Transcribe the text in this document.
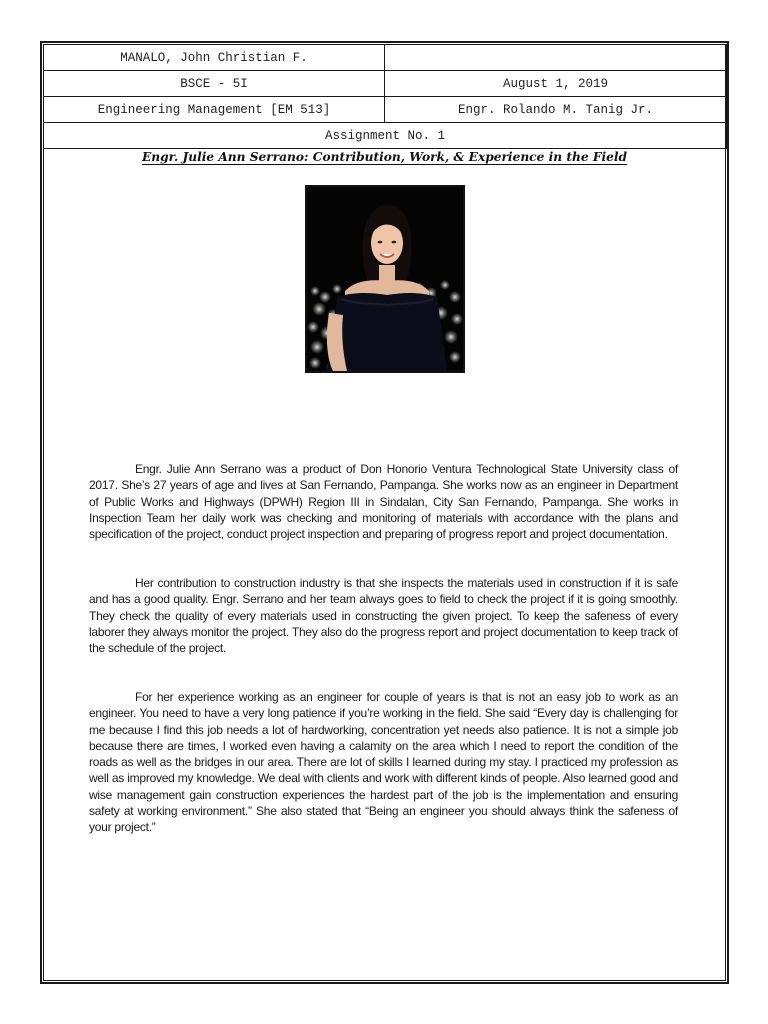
MANALO, John Christian F.	
BSCE - 5I	August 1, 2019
Engineering Management [EM 513]	Engr. Rolando M. Tanig Jr.
Assignment No. 1	
Engr. Julie Ann Serrano: Contribution, Work, & Experience in the Field

Engr. Julie Ann Serrano was a product of Don Honorio Ventura Technological State University class of 2017. She’s 27 years of age and lives at San Fernando, Pampanga. She works now as an engineer in Department of Public Works and Highways (DPWH) Region III in Sindalan, City San Fernando, Pampanga. She works in Inspection Team her daily work was checking and monitoring of materials with accordance with the plans and specification of the project, conduct project inspection and preparing of progress report and project documentation.

Her contribution to construction industry is that she inspects the materials used in construction if it is safe and has a good quality. Engr. Serrano and her team always goes to field to check the project if it is going smoothly. They check the quality of every materials used in constructing the given project. To keep the safeness of every laborer they always monitor the project. They also do the progress report and project documentation to keep track of the schedule of the project.

For her experience working as an engineer for couple of years is that is not an easy job to work as an engineer. You need to have a very long patience if you’re working in the field. She said “Every day is challenging for me because I find this job needs a lot of hardworking, concentration yet needs also patience. It is not a simple job because there are times, I worked even having a calamity on the area which I need to report the condition of the roads as well as the bridges in our area. There are lot of skills I learned during my stay. I practiced my profession as well as improved my knowledge. We deal with clients and work with different kinds of people. Also learned good and wise management gain construction experiences the hardest part of the job is the implementation and ensuring safety at working environment.” She also stated that “Being an engineer you should always think the safeness of your project.”
